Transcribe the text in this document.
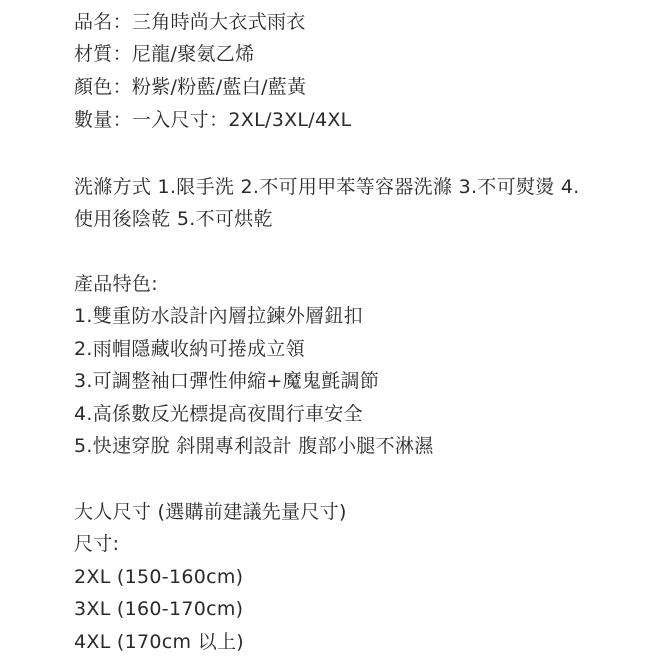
品名：三角時尚大衣式雨衣
材質：尼龍/聚氨乙烯
顏色：粉紫/粉藍/藍白/藍黃
數量：一入尺寸：2XL/3XL/4XL
洗滌方式 1.限手洗 2.不可用甲苯等容器洗滌 3.不可熨燙 4.
使用後陰乾 5.不可烘乾
產品特色:
1.雙重防水設計內層拉鍊外層鈕扣
2.雨帽隱藏收納可捲成立領
3.可調整袖口彈性伸縮+魔鬼氈調節
4.高係數反光標提高夜間行車安全
5.快速穿脫 斜開專利設計 腹部小腿不淋濕
大人尺寸 (選購前建議先量尺寸)
尺寸:
2XL (150-160cm)
3XL (160-170cm)
4XL (170cm 以上)
